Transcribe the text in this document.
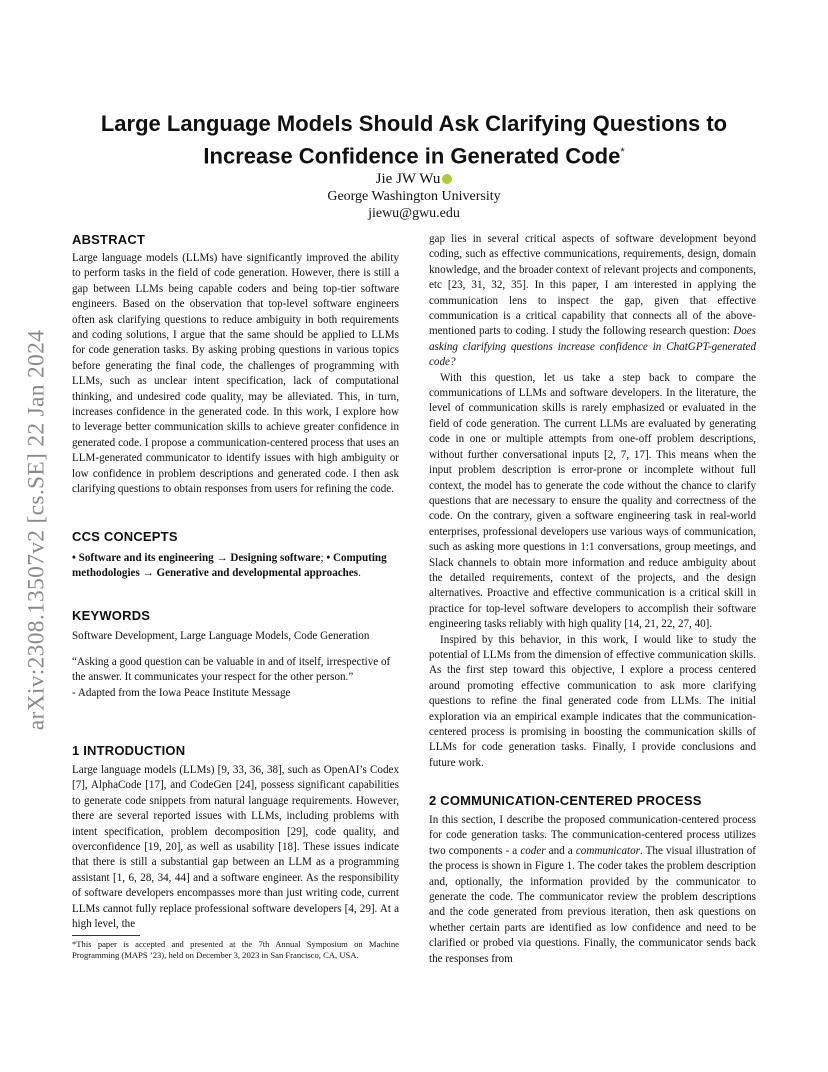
arXiv:2308.13507v2 [cs.SE] 22 Jan 2024
Large Language Models Should Ask Clarifying Questions to
Increase Confidence in Generated Code*
Jie JW Wu
George Washington University
jiewu@gwu.edu
ABSTRACT

Large language models (LLMs) have significantly improved the ability to perform tasks in the field of code generation. However, there is still a gap between LLMs being capable coders and being top-tier software engineers. Based on the observation that top-level software engineers often ask clarifying questions to reduce ambiguity in both requirements and coding solutions, I argue that the same should be applied to LLMs for code generation tasks. By asking probing questions in various topics before generating the final code, the challenges of programming with LLMs, such as unclear intent specification, lack of computational thinking, and undesired code quality, may be alleviated. This, in turn, increases confidence in the generated code. In this work, I explore how to leverage better communication skills to achieve greater confidence in generated code. I propose a communication-centered process that uses an LLM-generated communicator to identify issues with high ambiguity or low confidence in problem descriptions and generated code. I then ask clarifying questions to obtain responses from users for refining the code.

CCS CONCEPTS

• Software and its engineering → Designing software; • Computing methodologies → Generative and developmental approaches.

KEYWORDS

Software Development, Large Language Models, Code Generation

“Asking a good question can be valuable in and of itself, irrespective of the answer. It communicates your respect for the other person.”

- Adapted from the Iowa Peace Institute Message

1 INTRODUCTION

Large language models (LLMs) [9, 33, 36, 38], such as OpenAI’s Codex [7], AlphaCode [17], and CodeGen [24], possess significant capabilities to generate code snippets from natural language requirements. However, there are several reported issues with LLMs, including problems with intent specification, problem decomposition [29], code quality, and overconfidence [19, 20], as well as usability [18]. These issues indicate that there is still a substantial gap between an LLM as a programming assistant [1, 6, 28, 34, 44] and a software engineer. As the responsibility of software developers encompasses more than just writing code, current LLMs cannot fully replace professional software developers [4, 29]. At a high level, the

*This paper is accepted and presented at the 7th Annual Symposium on Machine Programming (MAPS ’23), held on December 3, 2023 in San Francisco, CA, USA.

gap lies in several critical aspects of software development beyond coding, such as effective communications, requirements, design, domain knowledge, and the broader context of relevant projects and components, etc [23, 31, 32, 35]. In this paper, I am interested in applying the communication lens to inspect the gap, given that effective communication is a critical capability that connects all of the above-mentioned parts to coding. I study the following research question: Does asking clarifying questions increase confidence in ChatGPT-generated code?

With this question, let us take a step back to compare the communications of LLMs and software developers. In the literature, the level of communication skills is rarely emphasized or evaluated in the field of code generation. The current LLMs are evaluated by generating code in one or multiple attempts from one-off problem descriptions, without further conversational inputs [2, 7, 17]. This means when the input problem description is error-prone or incomplete without full context, the model has to generate the code without the chance to clarify questions that are necessary to ensure the quality and correctness of the code. On the contrary, given a software engineering task in real-world enterprises, professional developers use various ways of communication, such as asking more questions in 1:1 conversations, group meetings, and Slack channels to obtain more information and reduce ambiguity about the detailed requirements, context of the projects, and the design alternatives. Proactive and effective communication is a critical skill in practice for top-level software developers to accomplish their software engineering tasks reliably with high quality [14, 21, 22, 27, 40].

Inspired by this behavior, in this work, I would like to study the potential of LLMs from the dimension of effective communication skills. As the first step toward this objective, I explore a process centered around promoting effective communication to ask more clarifying questions to refine the final generated code from LLMs. The initial exploration via an empirical example indicates that the communication-centered process is promising in boosting the communication skills of LLMs for code generation tasks. Finally, I provide conclusions and future work.

2 COMMUNICATION-CENTERED PROCESS

In this section, I describe the proposed communication-centered process for code generation tasks. The communication-centered process utilizes two components - a coder and a communicator. The visual illustration of the process is shown in Figure 1. The coder takes the problem description and, optionally, the information provided by the communicator to generate the code. The communicator review the problem descriptions and the code generated from previous iteration, then ask questions on whether certain parts are identified as low confidence and need to be clarified or probed via questions. Finally, the communicator sends back the responses from
